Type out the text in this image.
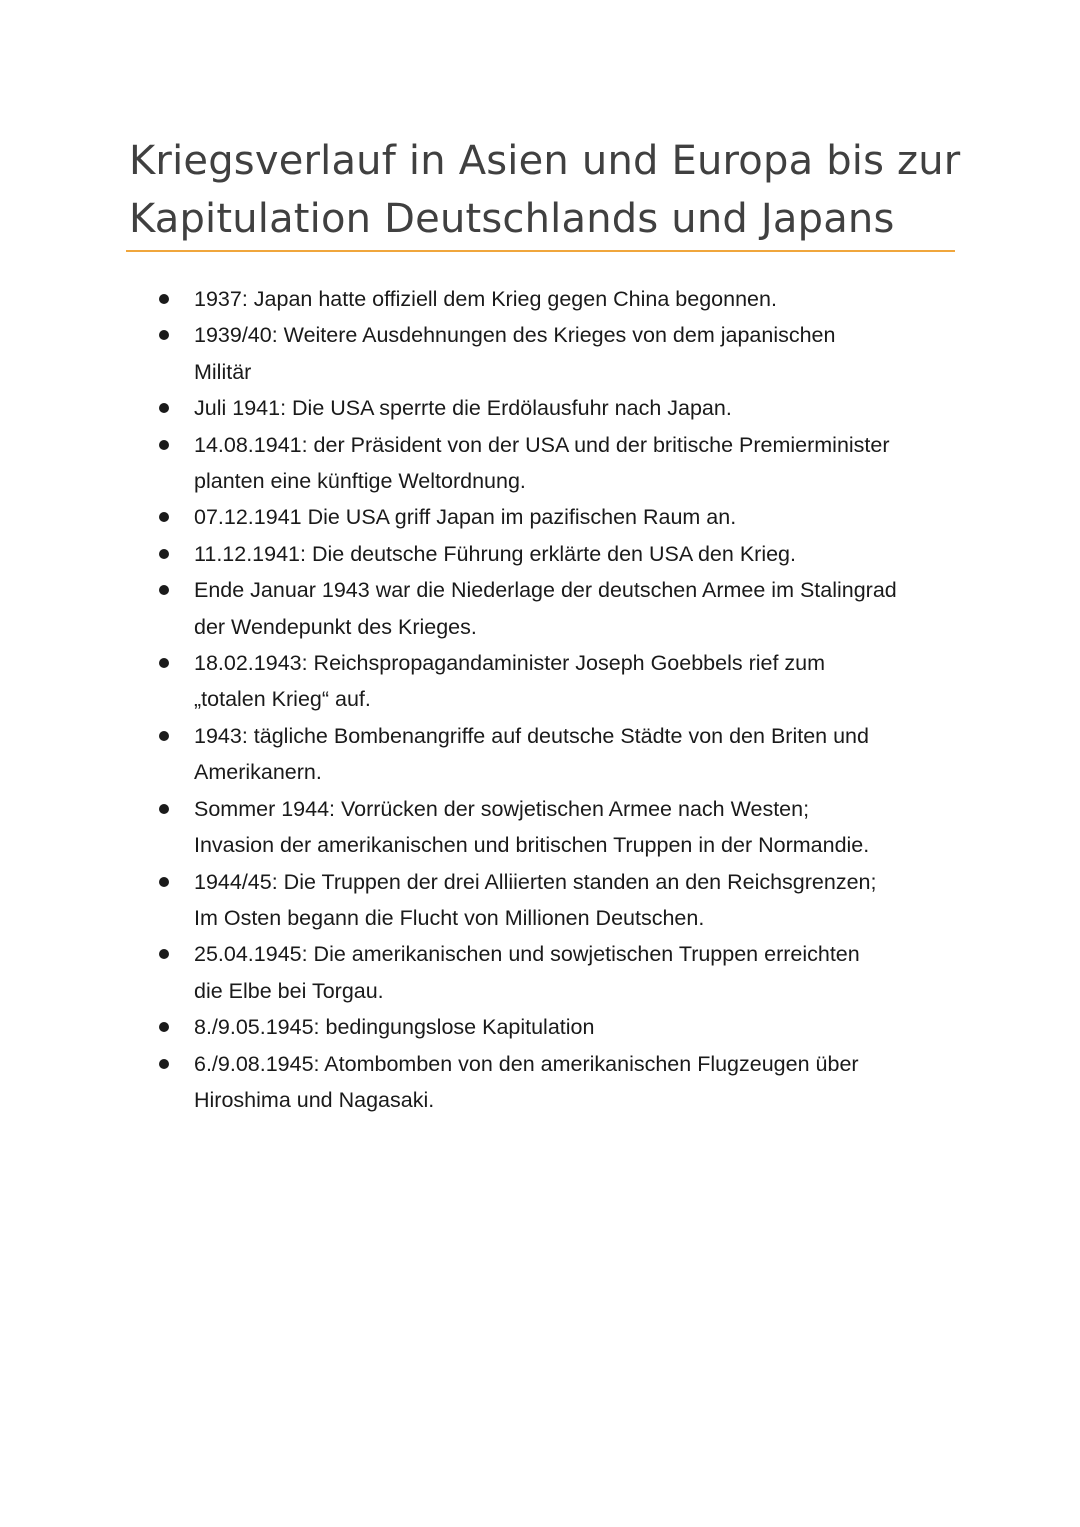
Kriegsverlauf in Asien und Europa bis zur
Kapitulation Deutschlands und Japans
1937: Japan hatte offiziell dem Krieg gegen China begonnen.
1939/40: Weitere Ausdehnungen des Krieges von dem japanischen
Militär
Juli 1941: Die USA sperrte die Erdölausfuhr nach Japan.
14.08.1941: der Präsident von der USA und der britische Premierminister
planten eine künftige Weltordnung.
07.12.1941 Die USA griff Japan im pazifischen Raum an.
11.12.1941: Die deutsche Führung erklärte den USA den Krieg.
Ende Januar 1943 war die Niederlage der deutschen Armee im Stalingrad
der Wendepunkt des Krieges.
18.02.1943: Reichspropagandaminister Joseph Goebbels rief zum
„totalen Krieg“ auf.
1943: tägliche Bombenangriffe auf deutsche Städte von den Briten und
Amerikanern.
Sommer 1944: Vorrücken der sowjetischen Armee nach Westen;
Invasion der amerikanischen und britischen Truppen in der Normandie.
1944/45: Die Truppen der drei Alliierten standen an den Reichsgrenzen;
Im Osten begann die Flucht von Millionen Deutschen.
25.04.1945: Die amerikanischen und sowjetischen Truppen erreichten
die Elbe bei Torgau.
8./9.05.1945: bedingungslose Kapitulation
6./9.08.1945: Atombomben von den amerikanischen Flugzeugen über
Hiroshima und Nagasaki.
